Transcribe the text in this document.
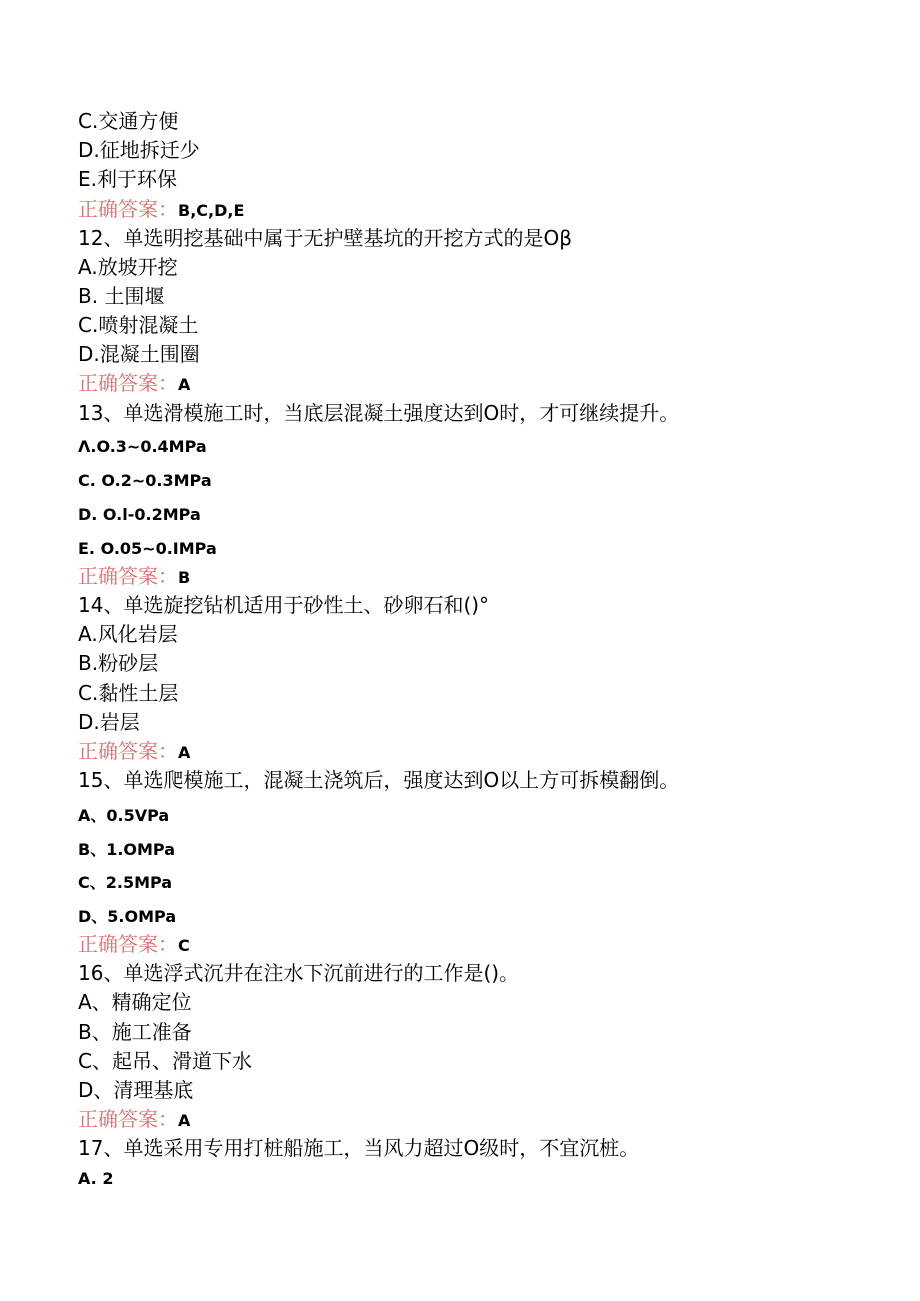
C.交通方便
D.征地拆迁少
E.利于环保
正确答案：B,C,D,E
12、单选明挖基础中属于无护壁基坑的开挖方式的是Oβ
A.放坡开挖
B. 土围堰
C.喷射混凝土
D.混凝土围圈
正确答案：A
13、单选滑模施工时，当底层混凝土强度达到O时，才可继续提升。
Λ.O.3~0.4MPa
C. O.2~0.3MPa
D. O.l-0.2MPa
E. O.05~0.IMPa
正确答案：B
14、单选旋挖钻机适用于砂性土、砂卵石和()°
A.风化岩层
B.粉砂层
C.黏性土层
D.岩层
正确答案：A
15、单选爬模施工，混凝土浇筑后，强度达到O以上方可拆模翻倒。
A、0.5VPa
B、1.OMPa
C、2.5MPa
D、5.OMPa
正确答案：C
16、单选浮式沉井在注水下沉前进行的工作是()。
A、精确定位
B、施工准备
C、起吊、滑道下水
D、清理基底
正确答案：A
17、单选采用专用打桩船施工，当风力超过O级时，不宜沉桩。
A. 2
